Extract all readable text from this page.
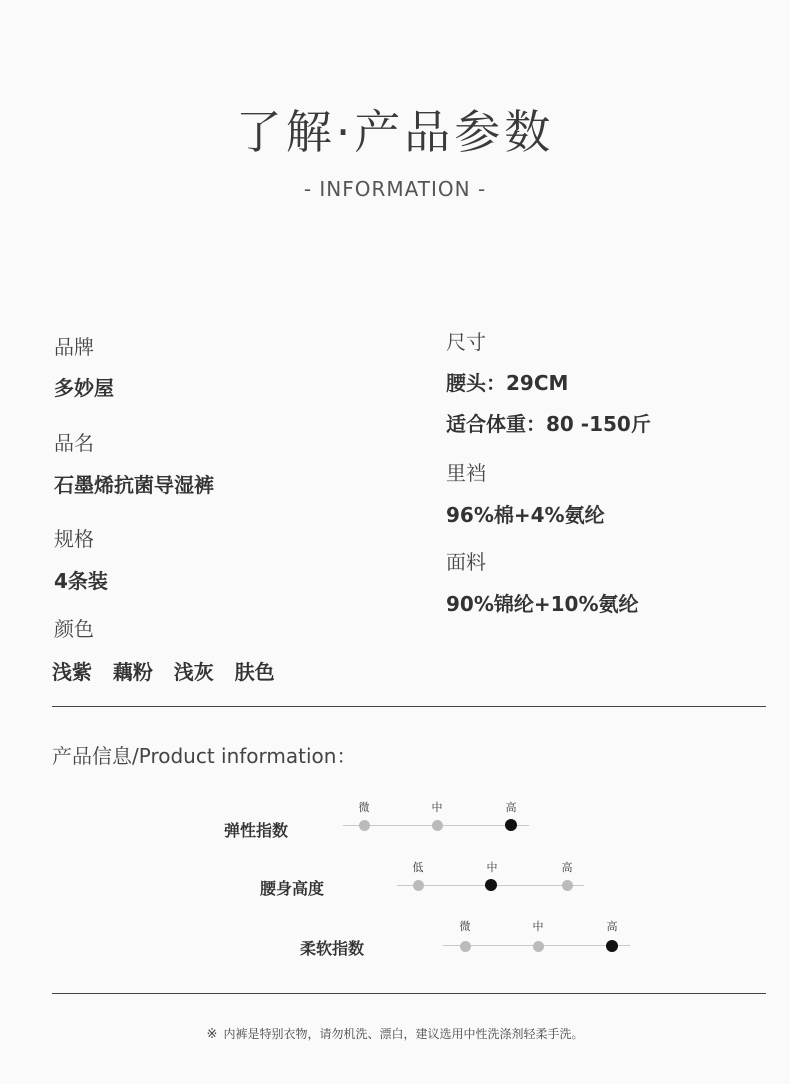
了解·产品参数
- INFORMATION -
品牌
多妙屋
品名
石墨烯抗菌导湿裤
规格
4条装
颜色
浅紫   藕粉   浅灰   肤色
尺寸
腰头：29CM
适合体重：80 -150斤
里裆
96%棉+4%氨纶
面料
90%锦纶+10%氨纶
产品信息/Product information：
弹性指数
微	中	高
腰身高度
低	中	高
柔软指数
微	中	高
※ 内裤是特别衣物，请勿机洗、漂白，建议选用中性洗涤剂轻柔手洗。
